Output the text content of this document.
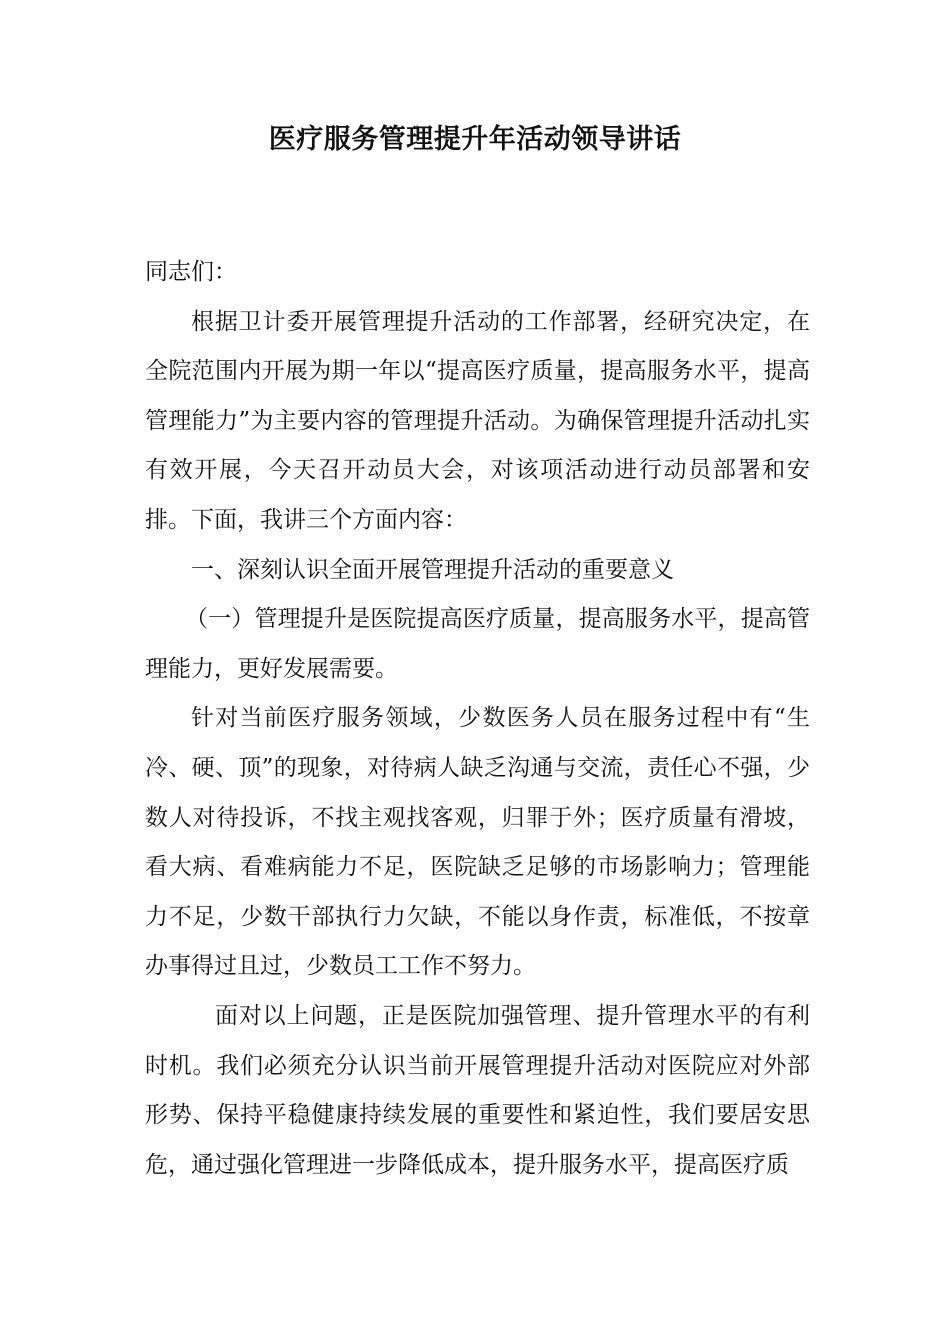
医疗服务管理提升年活动领导讲话

同志们：

根据卫计委开展管理提升活动的工作部署，经研究决定，在全院范围内开展为期一年以“提高医疗质量，提高服务水平，提高管理能力”为主要内容的管理提升活动。为确保管理提升活动扎实有效开展，今天召开动员大会，对该项活动进行动员部署和安排。下面，我讲三个方面内容：

一、深刻认识全面开展管理提升活动的重要意义

（一）管理提升是医院提高医疗质量，提高服务水平，提高管理能力，更好发展需要。

针对当前医疗服务领域，少数医务人员在服务过程中有“生冷、硬、顶”的现象，对待病人缺乏沟通与交流，责任心不强，少数人对待投诉，不找主观找客观，归罪于外；医疗质量有滑坡，看大病、看难病能力不足，医院缺乏足够的市场影响力；管理能力不足，少数干部执行力欠缺，不能以身作责，标准低，不按章办事得过且过，少数员工工作不努力。

面对以上问题，正是医院加强管理、提升管理水平的有利时机。我们必须充分认识当前开展管理提升活动对医院应对外部形势、保持平稳健康持续发展的重要性和紧迫性，我们要居安思危，通过强化管理进一步降低成本，提升服务水平，提高医疗质
